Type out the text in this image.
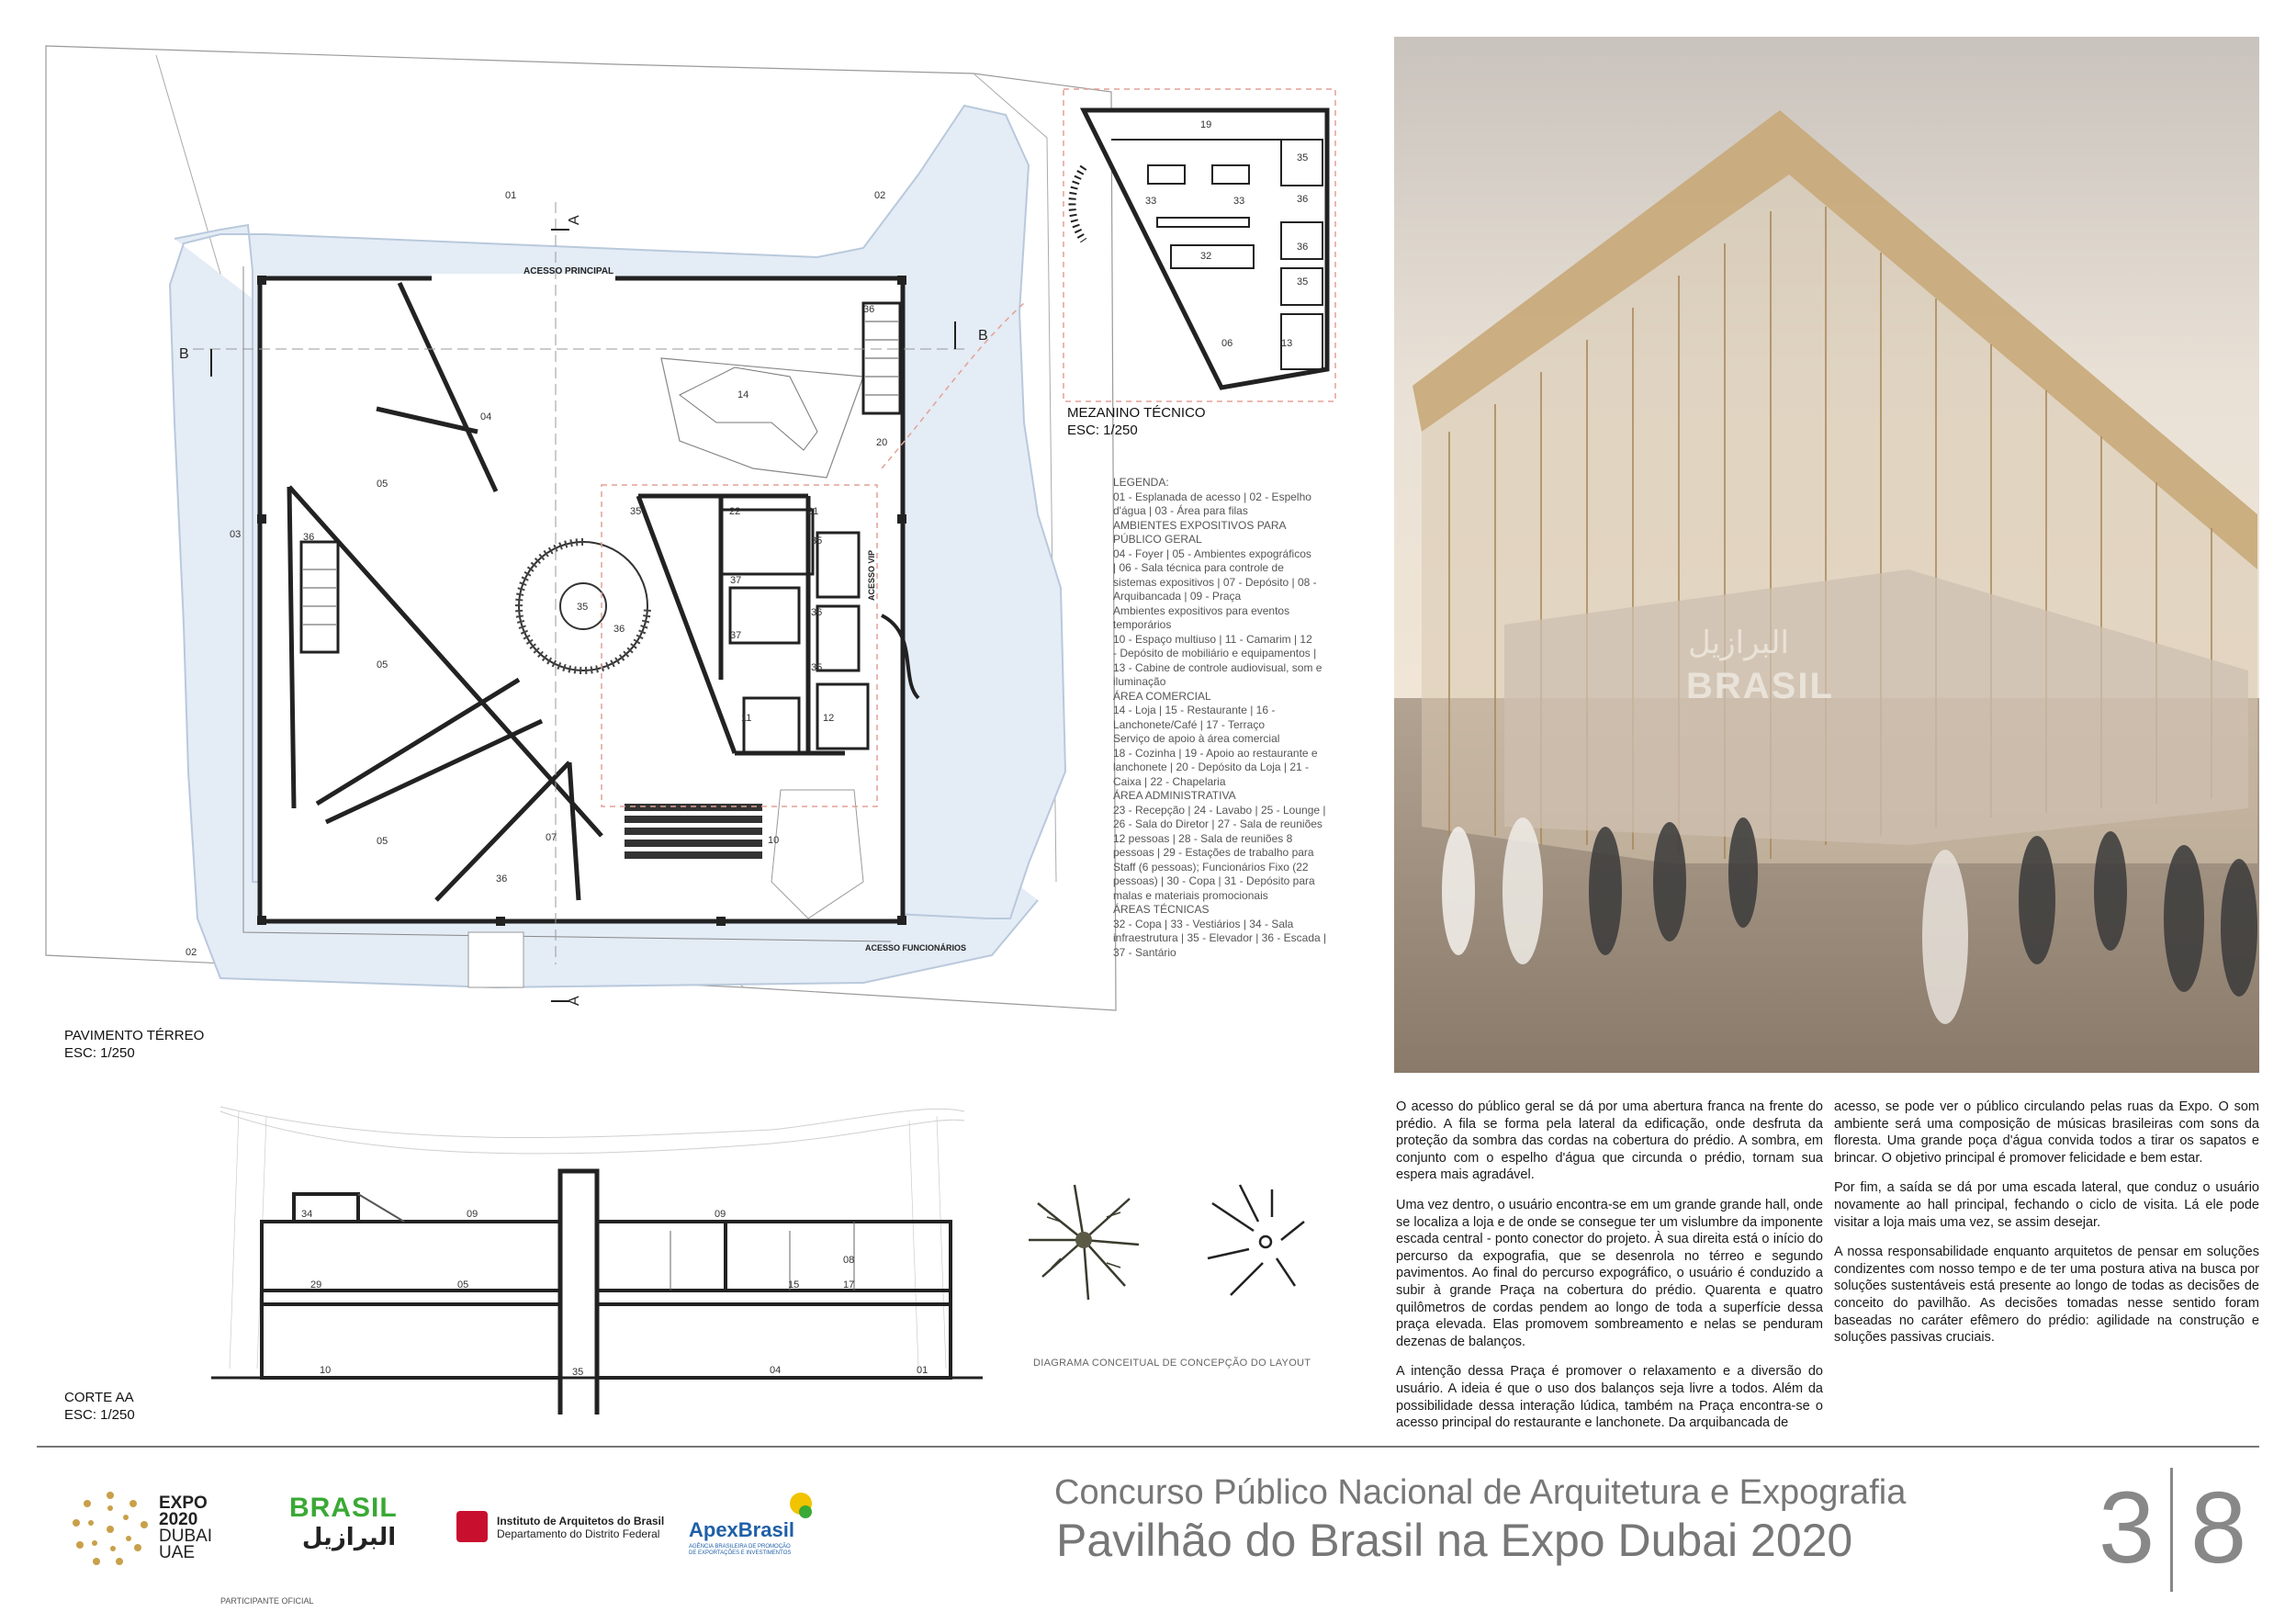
01	02
02
03
04
05
05
05	07	10
11	12
14
20
21
22
35
35
35
35
36
36
36
36
36
37
37
ACESSO PRINCIPAL
ACESSO FUNCIONÁRIOS
ACESSO VIP
A
A
B
B
PAVIMENTO TÉRREO
ESC: 1/250
19
33	33
32
35
35
36
36
06	13
MEZANINO TÉCNICO
ESC: 1/250
LEGENDA:
01 - Esplanada de acesso | 02 - Espelho
d'água | 03 - Área para filas
AMBIENTES EXPOSITIVOS PARA
PÚBLICO GERAL
04 - Foyer | 05 - Ambientes expográficos
| 06 - Sala técnica para controle de
sistemas expositivos | 07 - Depósito | 08 -
Arquibancada | 09 - Praça
Ambientes expositivos para eventos
temporários
10 - Espaço multiuso | 11 - Camarim | 12
- Depósito de mobiliário e equipamentos |
13 - Cabine de controle audiovisual, som e
iluminação
ÁREA COMERCIAL
14 - Loja | 15 - Restaurante | 16 -
Lanchonete/Café | 17 - Terraço
Serviço de apoio à área comercial
18 - Cozinha | 19 - Apoio ao restaurante e
lanchonete | 20 - Depósito da Loja | 21 -
Caixa | 22 - Chapelaria
ÁREA ADMINISTRATIVA
23 - Recepção | 24 - Lavabo | 25 - Lounge |
26 - Sala do Diretor | 27 - Sala de reuniões
12 pessoas | 28 - Sala de reuniões 8
pessoas | 29 - Estações de trabalho para
Staff (6 pessoas); Funcionários Fixo (22
pessoas) | 30 - Copa | 31 - Depósito para
malas e materiais promocionais
ÁREAS TÉCNICAS
32 - Copa | 33 - Vestiários | 34 - Sala
infraestrutura | 35 - Elevador | 36 - Escada |
37 - Santário
البرازيل
BRASIL
34	09	09
08
29	05	15	17
10	35	04	01
CORTE AA
ESC: 1/250
DIAGRAMA CONCEITUAL DE CONCEPÇÃO DO LAYOUT

O acesso do público geral se dá por uma abertura franca na frente do prédio. A fila se forma pela lateral da edificação, onde desfruta da proteção da sombra das cordas na cobertura do prédio. A sombra, em conjunto com o espelho d'água que circunda o prédio, tornam sua espera mais agradável.

Uma vez dentro, o usuário encontra-se em um grande grande hall, onde se localiza a loja e de onde se consegue ter um vislumbre da imponente escada central - ponto conector do projeto. À sua direita está o início do percurso da expografia, que se desenrola no térreo e segundo pavimentos. Ao final do percurso expográfico, o usuário é conduzido a subir à grande Praça na cobertura do prédio. Quarenta e quatro quilômetros de cordas pendem ao longo de toda a superfície dessa praça elevada. Elas promovem sombreamento e nelas se penduram dezenas de balanços.

A intenção dessa Praça é promover o relaxamento e a diversão do usuário. A ideia é que o uso dos balanços seja livre a todos. Além da possibilidade dessa interação lúdica, também na Praça encontra-se o acesso principal do restaurante e lanchonete. Da arquibancada de

acesso, se pode ver o público circulando pelas ruas da Expo. O som ambiente será uma composição de músicas brasileiras com sons da floresta. Uma grande poça d'água convida todos a tirar os sapatos e brincar. O objetivo principal é promover felicidade e bem estar.

Por fim, a saída se dá por uma escada lateral, que conduz o usuário novamente ao hall principal, fechando o ciclo de visita. Lá ele pode visitar a loja mais uma vez, se assim desejar.

A nossa responsabilidade enquanto arquitetos de pensar em soluções condizentes com nosso tempo e de ter uma postura ativa na busca por soluções sustentáveis está presente ao longo de todas as decisões de conceito do pavilhão. As decisões tomadas nesse sentido foram baseadas no caráter efêmero do prédio: agilidade na construção e soluções passivas cruciais.

EXPO
2020
DUBAI
UAE
PARTICIPANTE OFICIAL
BRASIL
البرازيل
Instituto de Arquitetos do Brasil
Departamento do Distrito Federal ApexBrasil
AGÊNCIA BRASILEIRA DE PROMOÇÃO
DE EXPORTAÇÕES E INVESTIMENTOS
Concurso Público Nacional de Arquitetura e Expografia
Pavilhão do Brasil na Expo Dubai 2020 3 8
